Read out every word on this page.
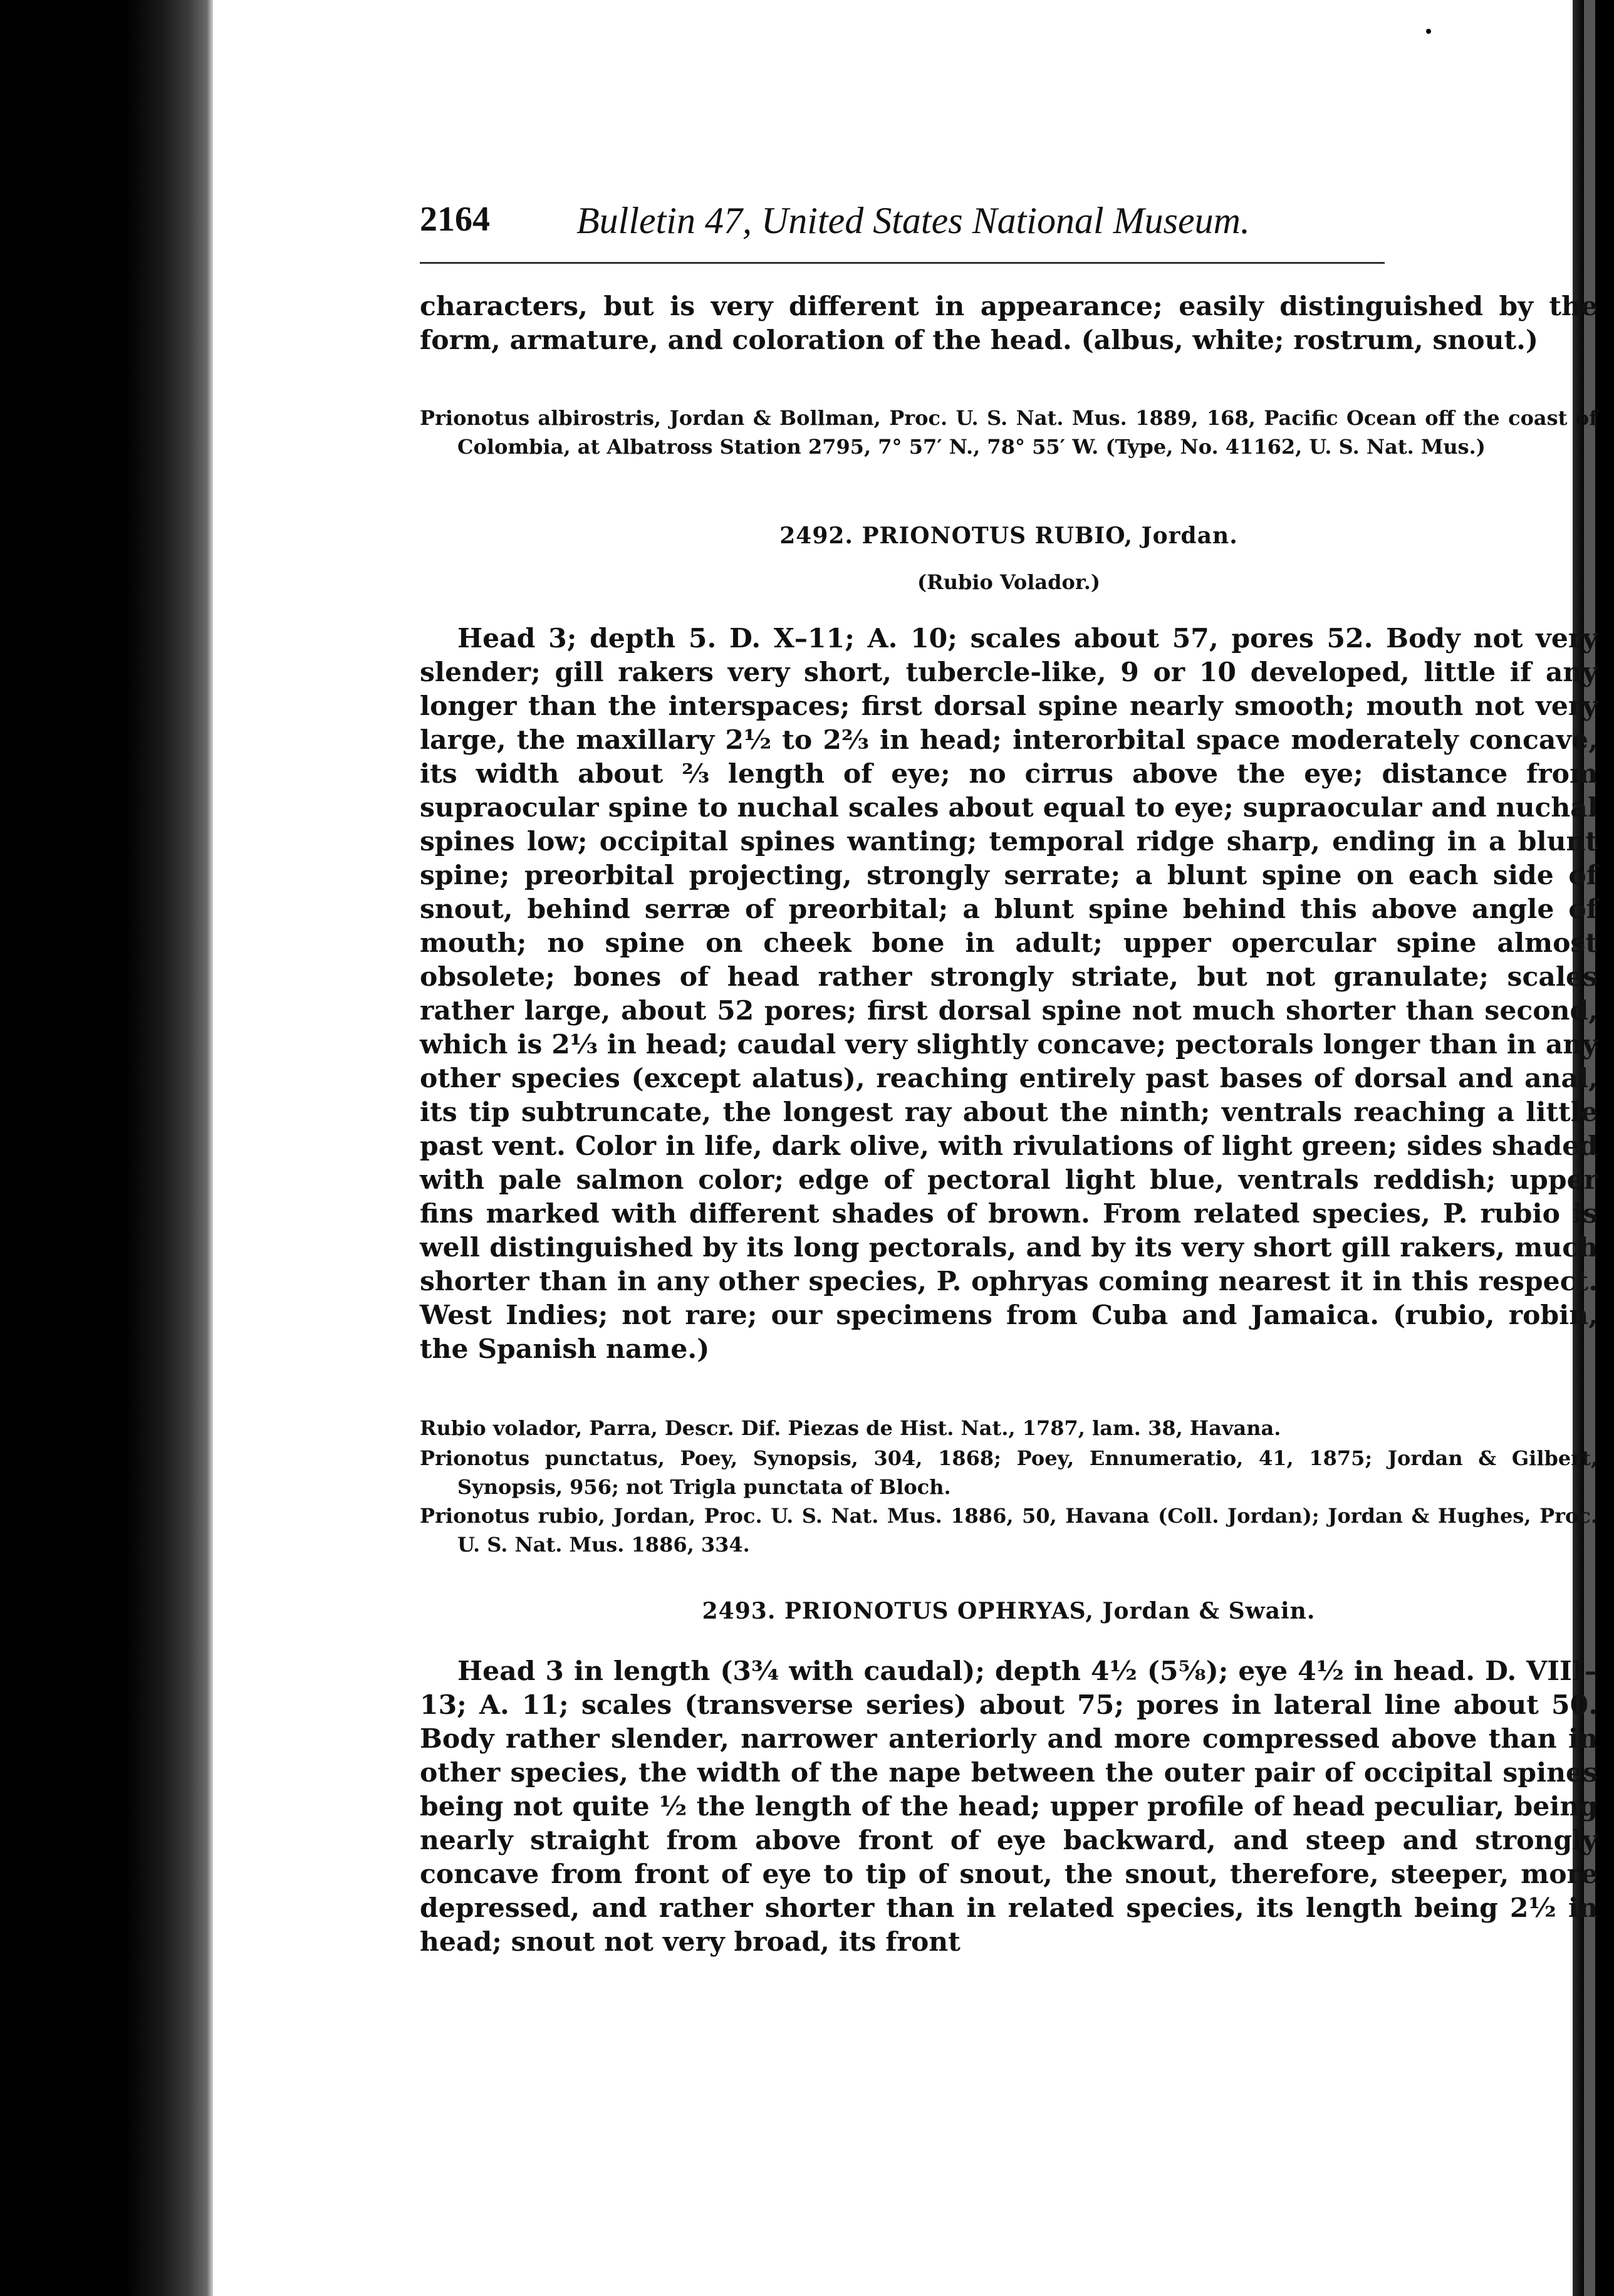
2164 Bulletin 47, United States National Museum.
characters, but is very different in appearance; easily distinguished by the form, armature, and coloration of the head. (albus, white; rostrum, snout.)
Prionotus albirostris, Jordan & Bollman, Proc. U. S. Nat. Mus. 1889, 168, Pacific Ocean off the coast of Colombia, at Albatross Station 2795, 7° 57′ N., 78° 55′ W. (Type, No. 41162, U. S. Nat. Mus.)
2492. PRIONOTUS RUBIO, Jordan.
(Rubio Volador.)
Head 3; depth 5. D. X–11; A. 10; scales about 57, pores 52. Body not very slender; gill rakers very short, tubercle-like, 9 or 10 developed, little if any longer than the interspaces; first dorsal spine nearly smooth; mouth not very large, the maxillary 2½ to 2⅔ in head; interorbital space moderately concave, its width about ⅔ length of eye; no cirrus above the eye; distance from supraocular spine to nuchal scales about equal to eye; supraocular and nuchal spines low; occipital spines wanting; temporal ridge sharp, ending in a blunt spine; preorbital projecting, strongly serrate; a blunt spine on each side of snout, behind serræ of preorbital; a blunt spine behind this above angle of mouth; no spine on cheek bone in adult; upper opercular spine almost obsolete; bones of head rather strongly striate, but not granulate; scales rather large, about 52 pores; first dorsal spine not much shorter than second, which is 2⅓ in head; caudal very slightly concave; pectorals longer than in any other species (except alatus), reaching entirely past bases of dorsal and anal, its tip subtruncate, the longest ray about the ninth; ventrals reaching a little past vent. Color in life, dark olive, with rivulations of light green; sides shaded with pale salmon color; edge of pectoral light blue, ventrals reddish; upper fins marked with different shades of brown. From related species, P. rubio is well distinguished by its long pectorals, and by its very short gill rakers, much shorter than in any other species, P. ophryas coming nearest it in this respect. West Indies; not rare; our specimens from Cuba and Jamaica. (rubio, robin, the Spanish name.)
Rubio volador, Parra, Descr. Dif. Piezas de Hist. Nat., 1787, lam. 38, Havana.
Prionotus punctatus, Poey, Synopsis, 304, 1868; Poey, Ennumeratio, 41, 1875; Jordan & Gilbert, Synopsis, 956; not Trigla punctata of Bloch.
Prionotus rubio, Jordan, Proc. U. S. Nat. Mus. 1886, 50, Havana (Coll. Jordan); Jordan & Hughes, Proc. U. S. Nat. Mus. 1886, 334.
2493. PRIONOTUS OPHRYAS, Jordan & Swain.
Head 3 in length (3¾ with caudal); depth 4½ (5⅝); eye 4½ in head. D. VIII–13; A. 11; scales (transverse series) about 75; pores in lateral line about 50. Body rather slender, narrower anteriorly and more compressed above than in other species, the width of the nape between the outer pair of occipital spines being not quite ½ the length of the head; upper profile of head peculiar, being nearly straight from above front of eye backward, and steep and strongly concave from front of eye to tip of snout, the snout, therefore, steeper, more depressed, and rather shorter than in related species, its length being 2½ in head; snout not very broad, its front
